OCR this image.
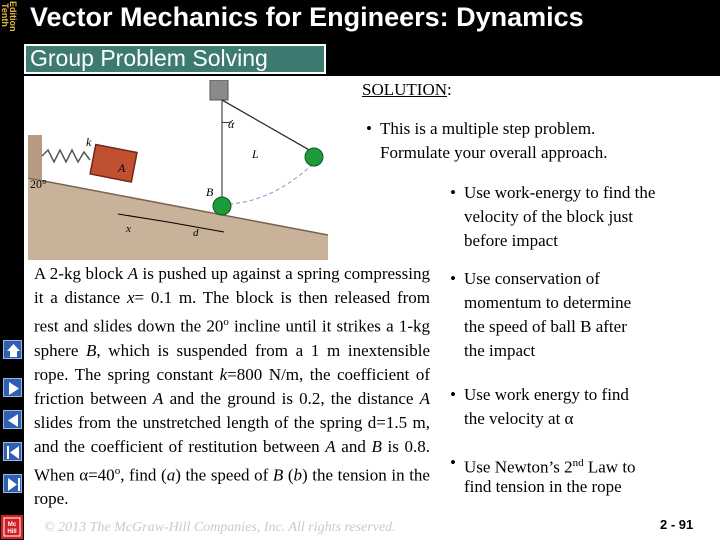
Tenth
Edition Vector Mechanics for Engineers: Dynamics
Group Problem Solving
Mc
Hill
A
k
20°
x	d
α
L
B
SOLUTION:
• This is a multiple step problem.
Formulate your overall approach.
• Use work-energy to find the
velocity of the block just
before impact
• Use conservation of
momentum to determine
the speed of ball B after
the impact
• Use work energy to find
the velocity at α
• Use Newton’s 2nd Law to
find tension in the rope
A 2-kg block A is pushed up against a spring compressing it a distance x= 0.1 m. The block is then released from rest and slides down the 20$^o$ incline until it strikes a 1-kg sphere B, which is suspended from a 1 m inextensible rope. The spring constant k=800 N/m, the coefficient of friction between A and the ground is 0.2, the distance A slides from the unstretched length of the spring d=1.5 m, and the coefficient of restitution between A and B is 0.8. When $\alpha=40^o$, find (a) the speed of B (b) the tension in the rope.
© 2013 The McGraw-Hill Companies, Inc. All rights reserved.	2 - 91
